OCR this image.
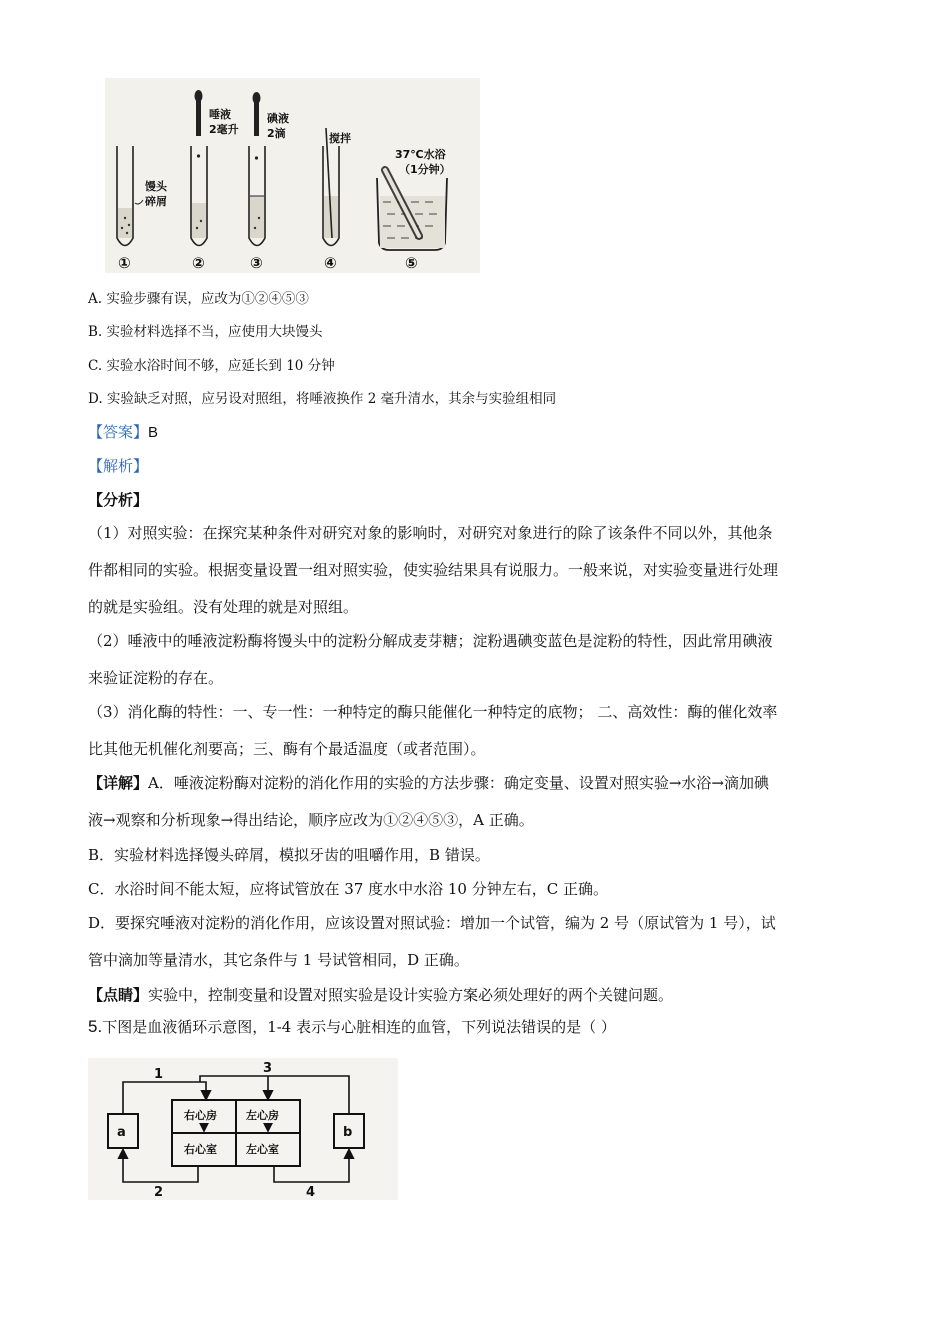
馒头碎屑
唾液 2毫升
碘液 2滴	搅拌
37℃水浴（1分钟）
①	②	③	④	⑤
A. 实验步骤有误，应改为①②④⑤③
B. 实验材料选择不当，应使用大块馒头
C. 实验水浴时间不够，应延长到 10 分钟
D. 实验缺乏对照，应另设对照组，将唾液换作 2 毫升清水，其余与实验组相同
【答案】B
【解析】
【分析】
（1）对照实验：在探究某种条件对研究对象的影响时，对研究对象进行的除了该条件不同以外，其他条
件都相同的实验。根据变量设置一组对照实验，使实验结果具有说服力。一般来说，对实验变量进行处理
的就是实验组。没有处理的就是对照组。
（2）唾液中的唾液淀粉酶将馒头中的淀粉分解成麦芽糖；淀粉遇碘变蓝色是淀粉的特性，因此常用碘液
来验证淀粉的存在。
（3）消化酶的特性：一、专一性：一种特定的酶只能催化一种特定的底物； 二、高效性：酶的催化效率
比其他无机催化剂要高；三、酶有个最适温度（或者范围）。
【详解】A．唾液淀粉酶对淀粉的消化作用的实验的方法步骤：确定变量、设置对照实验→水浴→滴加碘
液→观察和分析现象→得出结论，顺序应改为①②④⑤③，A 正确。
B．实验材料选择馒头碎屑，模拟牙齿的咀嚼作用，B 错误。
C．水浴时间不能太短，应将试管放在 37 度水中水浴 10 分钟左右，C 正确。
D．要探究唾液对淀粉的消化作用，应该设置对照试验：增加一个试管，编为 2 号（原试管为 1 号），试
管中滴加等量清水，其它条件与 1 号试管相同，D 正确。
【点睛】实验中，控制变量和设置对照实验是设计实验方案必须处理好的两个关键问题。
5.下图是血液循环示意图，1-4 表示与心脏相连的血管，下列说法错误的是（ ）
a	b
右心房	左心房
右心室	左心室
1
2
3
4
